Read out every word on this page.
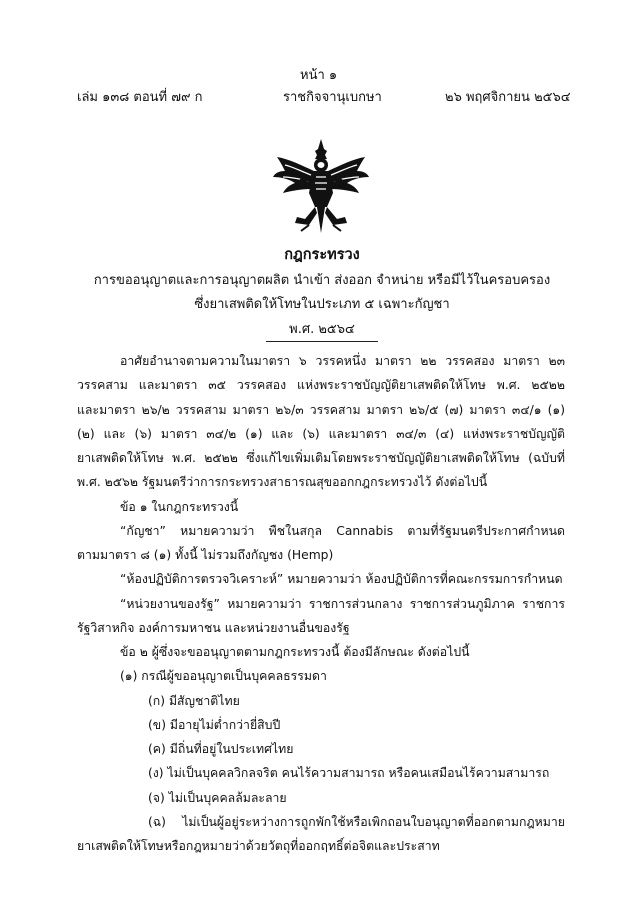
หน้า ๑
เล่ม ๑๓๘ ตอนที่ ๗๙ ก	ราชกิจจานุเบกษา	๒๖ พฤศจิกายน ๒๕๖๔
กฎกระทรวง
การขออนุญาตและการอนุญาตผลิต นำเข้า ส่งออก จำหน่าย หรือมีไว้ในครอบครอง
ซึ่งยาเสพติดให้โทษในประเภท ๕ เฉพาะกัญชา
พ.ศ. ๒๕๖๔
อาศัยอำนาจตามความในมาตรา ๖ วรรคหนึ่ง มาตรา ๒๒ วรรคสอง มาตรา ๒๓
วรรคสาม และมาตรา ๓๕ วรรคสอง แห่งพระราชบัญญัติยาเสพติดให้โทษ พ.ศ. ๒๕๒๒
และมาตรา ๒๖/๒ วรรคสาม มาตรา ๒๖/๓ วรรคสาม มาตรา ๒๖/๕ (๗) มาตรา ๓๔/๑ (๑)
(๒) และ (๖) มาตรา ๓๔/๒ (๑) และ (๖) และมาตรา ๓๔/๓ (๔) แห่งพระราชบัญญัติ
ยาเสพติดให้โทษ พ.ศ. ๒๕๒๒ ซึ่งแก้ไขเพิ่มเติมโดยพระราชบัญญัติยาเสพติดให้โทษ (ฉบับที่
พ.ศ. ๒๕๖๒ รัฐมนตรีว่าการกระทรวงสาธารณสุขออกกฎกระทรวงไว้ ดังต่อไปนี้
ข้อ ๑ ในกฎกระทรวงนี้
“กัญชา” หมายความว่า พืชในสกุล Cannabis ตามที่รัฐมนตรีประกาศกำหนด
ตามมาตรา ๘ (๑) ทั้งนี้ ไม่รวมถึงกัญชง (Hemp)
“ห้องปฏิบัติการตรวจวิเคราะห์” หมายความว่า ห้องปฏิบัติการที่คณะกรรมการกำหนด
“หน่วยงานของรัฐ” หมายความว่า ราชการส่วนกลาง ราชการส่วนภูมิภาค ราชการ
รัฐวิสาหกิจ องค์การมหาชน และหน่วยงานอื่นของรัฐ
ข้อ ๒ ผู้ซึ่งจะขออนุญาตตามกฎกระทรวงนี้ ต้องมีลักษณะ ดังต่อไปนี้
(๑) กรณีผู้ขออนุญาตเป็นบุคคลธรรมดา
(ก) มีสัญชาติไทย
(ข) มีอายุไม่ต่ำกว่ายี่สิบปี
(ค) มีถิ่นที่อยู่ในประเทศไทย
(ง) ไม่เป็นบุคคลวิกลจริต คนไร้ความสามารถ หรือคนเสมือนไร้ความสามารถ
(จ) ไม่เป็นบุคคลล้มละลาย
(ฉ) ไม่เป็นผู้อยู่ระหว่างการถูกพักใช้หรือเพิกถอนใบอนุญาตที่ออกตามกฎหมาย
ยาเสพติดให้โทษหรือกฎหมายว่าด้วยวัตถุที่ออกฤทธิ์ต่อจิตและประสาท
